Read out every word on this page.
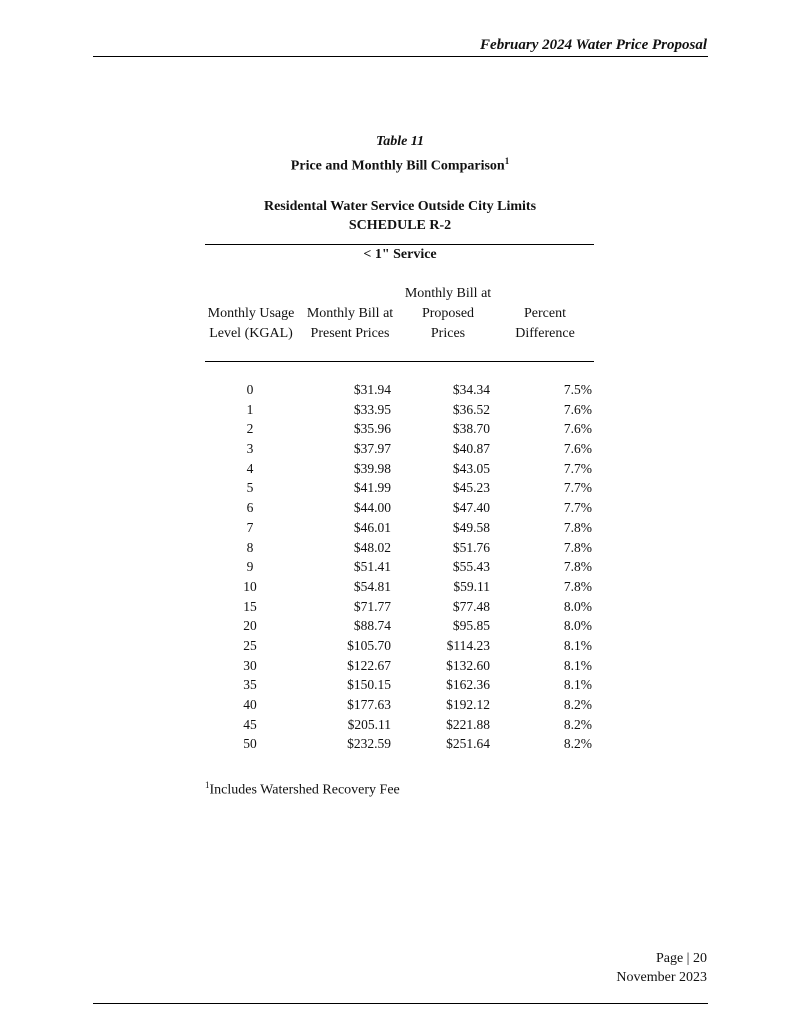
February 2024 Water Price Proposal
Table 11
Price and Monthly Bill Comparison$^1$
Residental Water Service Outside City Limits
SCHEDULE R-2
< 1" Service
Monthly Usage
Level (KGAL)
Monthly Bill at
Present Prices
Monthly Bill at
Proposed
Prices
Percent
Difference
0	$31.94	$34.34	7.5%
1	$33.95	$36.52	7.6%
2	$35.96	$38.70	7.6%
3	$37.97	$40.87	7.6%
4	$39.98	$43.05	7.7%
5	$41.99	$45.23	7.7%
6	$44.00	$47.40	7.7%
7	$46.01	$49.58	7.8%
8	$48.02	$51.76	7.8%
9	$51.41	$55.43	7.8%
10	$54.81	$59.11	7.8%
15	$71.77	$77.48	8.0%
20	$88.74	$95.85	8.0%
25	$105.70	$114.23	8.1%
30	$122.67	$132.60	8.1%
35	$150.15	$162.36	8.1%
40	$177.63	$192.12	8.2%
45	$205.11	$221.88	8.2%
50	$232.59	$251.64	8.2%
$^1$Includes Watershed Recovery Fee
Page | 20
November 2023
